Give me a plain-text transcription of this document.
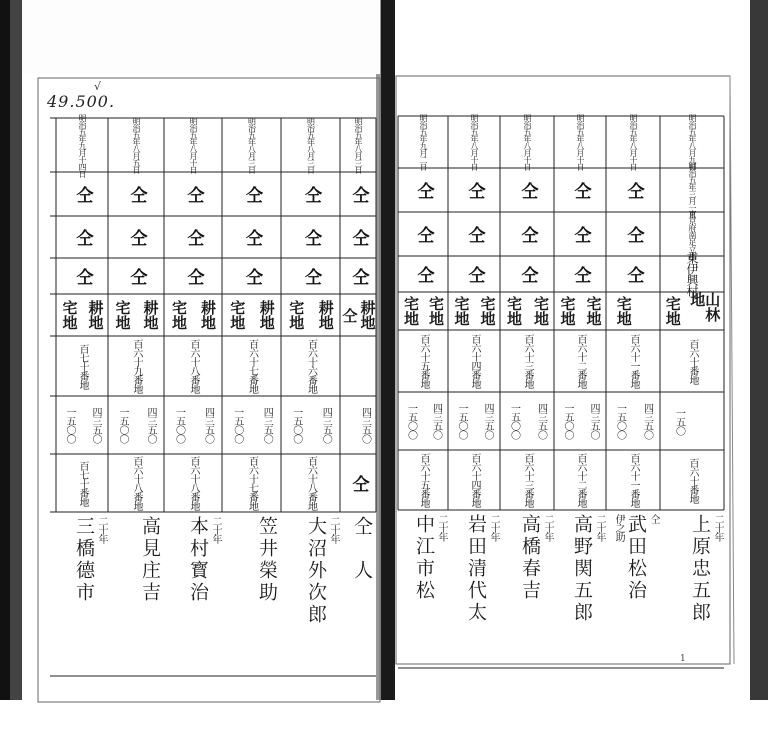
49.500.
√
1
明治五年八月三日
仝
仝
仝
耕地
仝
四三五〇
仝
仝　人
明治五年八月三日
仝
仝
仝
耕地
宅地
百六十六番地
四三五〇
一五〇〇
百六十八番地
二十年
大沼外次郎
明治五年八月三日
仝
仝
仝
耕地
宅地
百六十七番地
四三五〇
一五〇〇
百六十七番地
笠井榮助
明治五年八月十日
仝
仝
仝
耕地
宅地
百六十八番地
四三五〇
一五〇〇
百六十八番地
二十年
本村寳治
明治五年八月五日
仝
仝
仝
耕地
宅地
百六十九番地
四三五〇
一五〇〇
百六十八番地
高見庄吉
明治五年九月十四日
仝
仝
仝
耕地
宅地
百七十番地
四三五〇
一五〇〇
百七十番地
二十年
三橋德市
明治五年八月九日
明治五年三月一日
東京府南足立郡
東伊興村
山林地
宅地
百六十番地
一五〇
百六十番地
二十年
上原忠五郎
明治五年八月十日
仝
仝
仝
宅地
百六十一番地
四三五〇
一五〇〇
百六十一番地
仝
武田松治
伊之助
明治五年八月十日
仝
仝
仝
宅地
宅地
百六十二番地
四三五〇
一五〇〇
百六十二番地
二十年
高野関五郎
明治五年八月十日
仝
仝
仝
宅地
宅地
百六十三番地
四三五〇
一五〇〇
百六十三番地
二十年
高橋春吉
明治五年八月十日
仝
仝
仝
宅地
宅地
百六十四番地
四三五〇
一五〇〇
百六十四番地
二十年
岩田清代太
明治五年九月二日
仝
仝
仝
宅地
宅地
百六十五番地
四三五〇
一五〇〇
百六十五番地
二十年
中江市松
